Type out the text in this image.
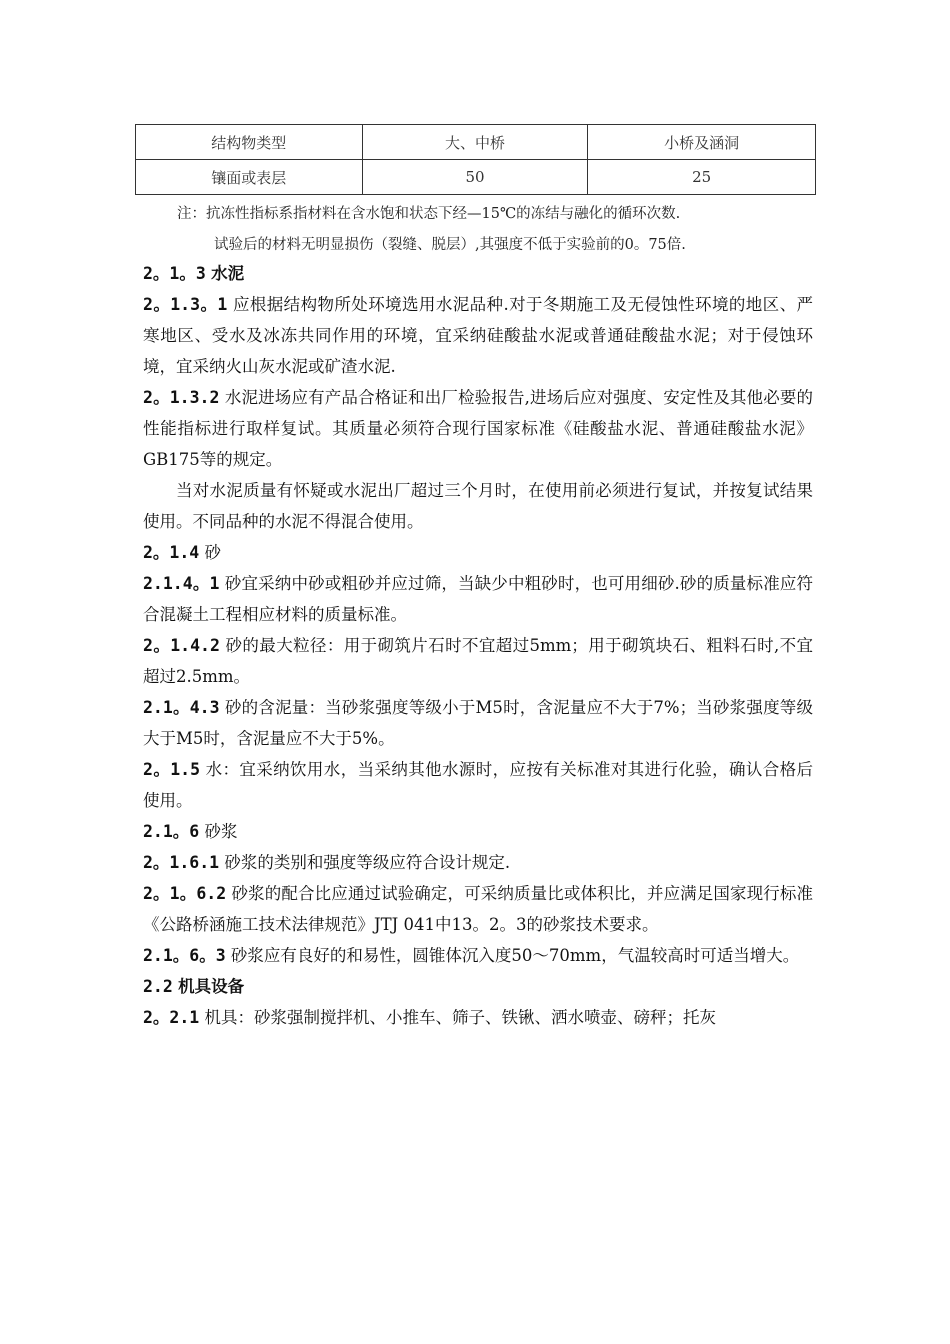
结构物类型	大、中桥	小桥及涵洞
镶面或表层	50	25
注：抗冻性指标系指材料在含水饱和状态下经—15℃的冻结与融化的循环次数.
试验后的材料无明显损伤（裂缝、脱层）,其强度不低于实验前的0。75倍.

2。1。3 水泥

2。1.3。1 应根据结构物所处环境选用水泥品种.对于冬期施工及无侵蚀性环境的地区、严寒地区、受水及冰冻共同作用的环境，宜采纳硅酸盐水泥或普通硅酸盐水泥；对于侵蚀环境，宜采纳火山灰水泥或矿渣水泥.

2。1.3.2 水泥进场应有产品合格证和出厂检验报告,进场后应对强度、安定性及其他必要的性能指标进行取样复试。其质量必须符合现行国家标准《硅酸盐水泥、普通硅酸盐水泥》GB175等的规定。

当对水泥质量有怀疑或水泥出厂超过三个月时，在使用前必须进行复试，并按复试结果使用。不同品种的水泥不得混合使用。

2。1.4 砂

2.1.4。1 砂宜采纳中砂或粗砂并应过筛，当缺少中粗砂时，也可用细砂.砂的质量标准应符合混凝土工程相应材料的质量标准。

2。1.4.2 砂的最大粒径：用于砌筑片石时不宜超过5mm；用于砌筑块石、粗料石时,不宜超过2.5mm。

2.1。4.3 砂的含泥量：当砂浆强度等级小于M5时，含泥量应不大于7%；当砂浆强度等级大于M5时，含泥量应不大于5%。

2。1.5 水：宜采纳饮用水，当采纳其他水源时，应按有关标准对其进行化验，确认合格后使用。

2.1。6 砂浆

2。1.6.1 砂浆的类别和强度等级应符合设计规定.

2。1。6.2 砂浆的配合比应通过试验确定，可采纳质量比或体积比，并应满足国家现行标准《公路桥涵施工技术法律规范》JTJ 041中13。2。3的砂浆技术要求。

2.1。6。3 砂浆应有良好的和易性，圆锥体沉入度50～70mm，气温较高时可适当增大。

2.2 机具设备

2。2.1 机具：砂浆强制搅拌机、小推车、筛子、铁锹、洒水喷壶、磅秤；托灰
